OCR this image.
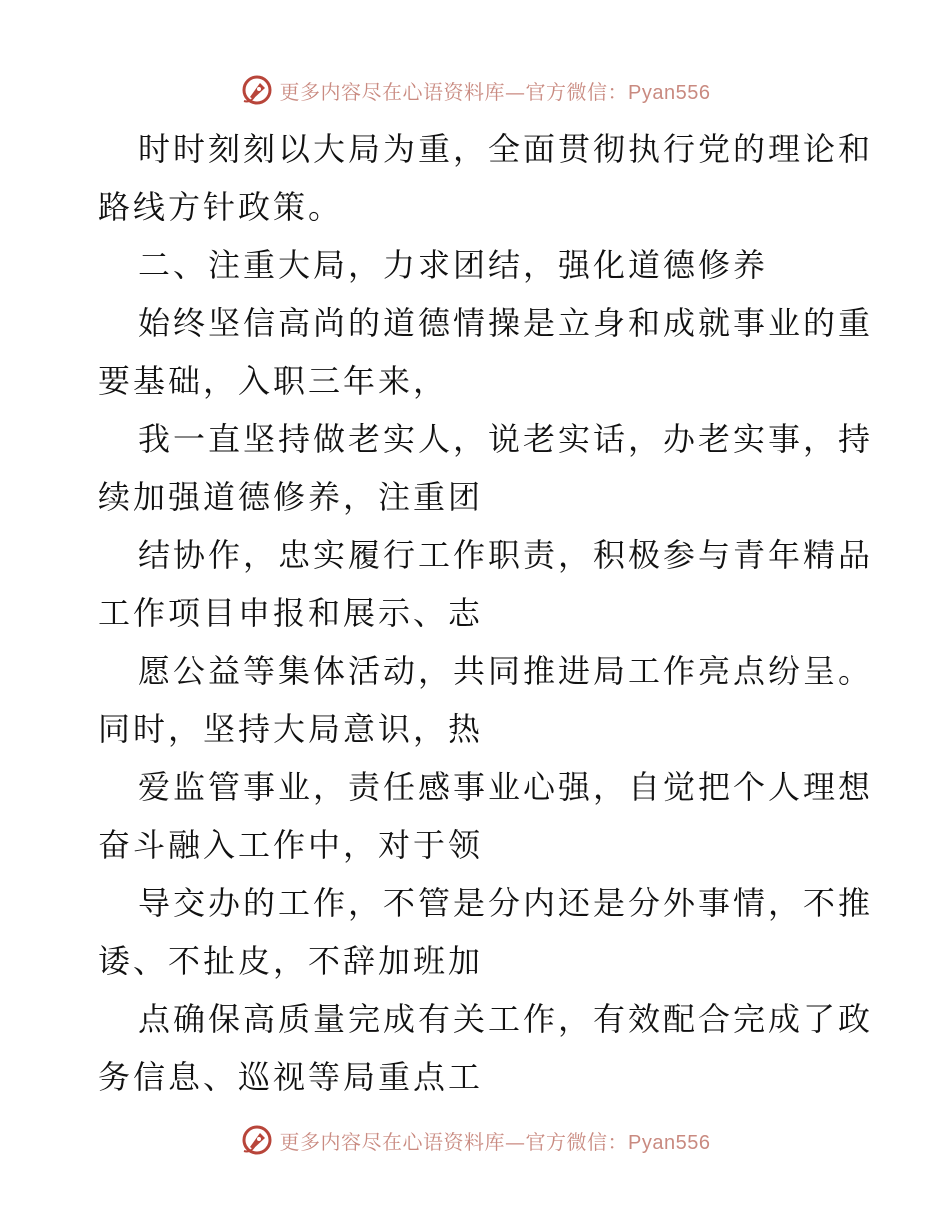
更多内容尽在心语资料库—官方微信：Pyan556
时时刻刻以大局为重，全面贯彻执行党的理论和
路线方针政策。
二、注重大局，力求团结，强化道德修养
始终坚信高尚的道德情操是立身和成就事业的重
要基础，入职三年来，
我一直坚持做老实人，说老实话，办老实事，持
续加强道德修养，注重团
结协作，忠实履行工作职责，积极参与青年精品
工作项目申报和展示、志
愿公益等集体活动，共同推进局工作亮点纷呈。
同时，坚持大局意识，热
爱监管事业，责任感事业心强，自觉把个人理想
奋斗融入工作中，对于领
导交办的工作，不管是分内还是分外事情，不推
诿、不扯皮，不辞加班加
点确保高质量完成有关工作，有效配合完成了政
务信息、巡视等局重点工
更多内容尽在心语资料库—官方微信：Pyan556
